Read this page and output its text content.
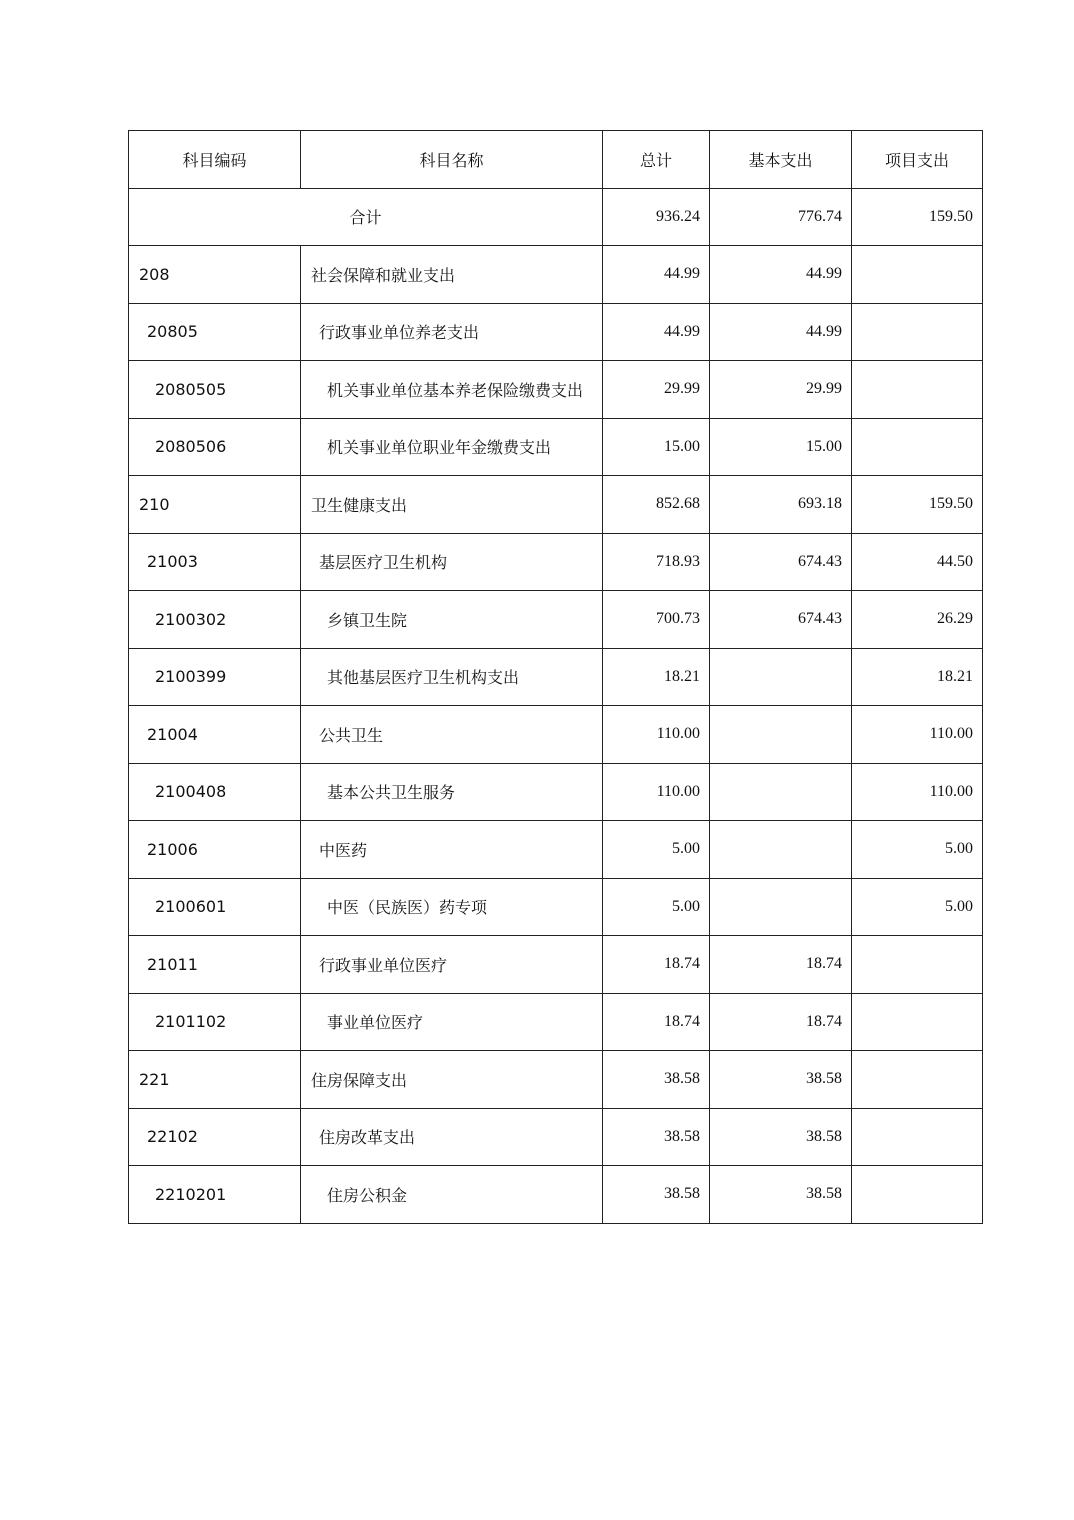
科目编码	科目名称	总计	基本支出	项目支出
合计		936.24	776.74	159.50
208	社会保障和就业支出	44.99	44.99	
20805	行政事业单位养老支出	44.99	44.99	
2080505	机关事业单位基本养老保险缴费支出	29.99	29.99	
2080506	机关事业单位职业年金缴费支出	15.00	15.00	
210	卫生健康支出	852.68	693.18	159.50
21003	基层医疗卫生机构	718.93	674.43	44.50
2100302	乡镇卫生院	700.73	674.43	26.29
2100399	其他基层医疗卫生机构支出	18.21		18.21
21004	公共卫生	110.00		110.00
2100408	基本公共卫生服务	110.00		110.00
21006	中医药	5.00		5.00
2100601	中医（民族医）药专项	5.00		5.00
21011	行政事业单位医疗	18.74	18.74	
2101102	事业单位医疗	18.74	18.74	
221	住房保障支出	38.58	38.58	
22102	住房改革支出	38.58	38.58	
2210201	住房公积金	38.58	38.58	
